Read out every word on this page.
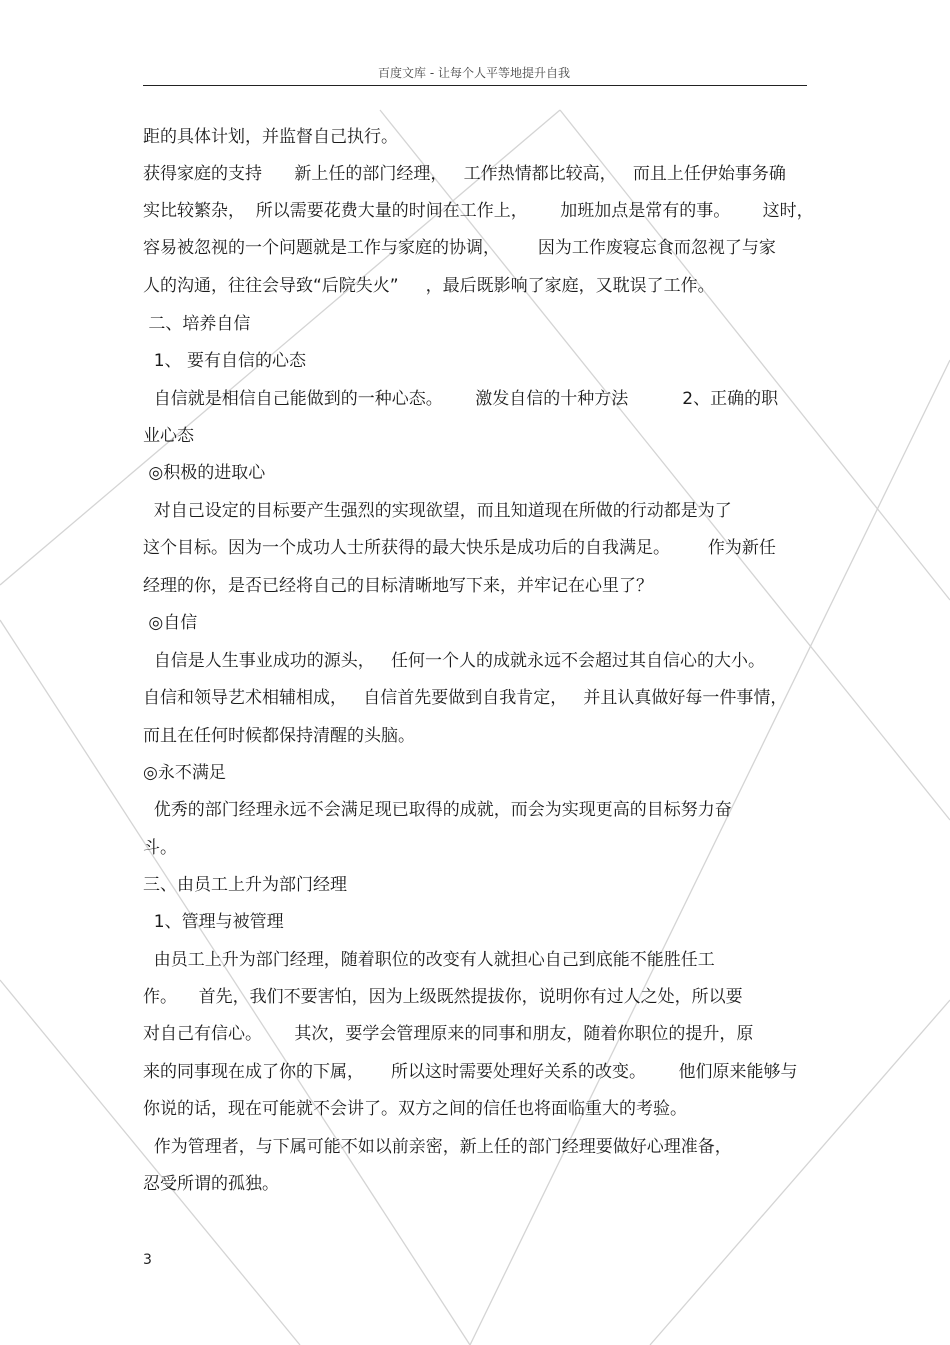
百度文库 - 让每个人平等地提升自我
距的具体计划，并监督自己执行。
获得家庭的支持      新上任的部门经理，   工作热情都比较高，   而且上任伊始事务确
实比较繁杂，  所以需要花费大量的时间在工作上，      加班加点是常有的事。      这时，
容易被忽视的一个问题就是工作与家庭的协调，       因为工作废寝忘食而忽视了与家
人的沟通，往往会导致“后院失火”     ，最后既影响了家庭，又耽误了工作。
二、培养自信
1、 要有自信的心态
自信就是相信自己能做到的一种心态。      激发自信的十种方法          2、正确的职
业心态
◎积极的进取心
对自己设定的目标要产生强烈的实现欲望，而且知道现在所做的行动都是为了
这个目标。因为一个成功人士所获得的最大快乐是成功后的自我满足。       作为新任
经理的你，是否已经将自己的目标清晰地写下来，并牢记在心里了？
◎自信
自信是人生事业成功的源头，   任何一个人的成就永远不会超过其自信心的大小。
自信和领导艺术相辅相成，   自信首先要做到自我肯定，   并且认真做好每一件事情，
而且在任何时候都保持清醒的头脑。
◎永不满足
优秀的部门经理永远不会满足现已取得的成就，而会为实现更高的目标努力奋
斗。
三、由员工上升为部门经理
1、管理与被管理
由员工上升为部门经理，随着职位的改变有人就担心自己到底能不能胜任工
作。    首先，我们不要害怕，因为上级既然提拔你，说明你有过人之处，所以要
对自己有信心。      其次，要学会管理原来的同事和朋友，随着你职位的提升，原
来的同事现在成了你的下属，     所以这时需要处理好关系的改变。      他们原来能够与
你说的话，现在可能就不会讲了。双方之间的信任也将面临重大的考验。
作为管理者，与下属可能不如以前亲密，新上任的部门经理要做好心理准备，
忍受所谓的孤独。
3
